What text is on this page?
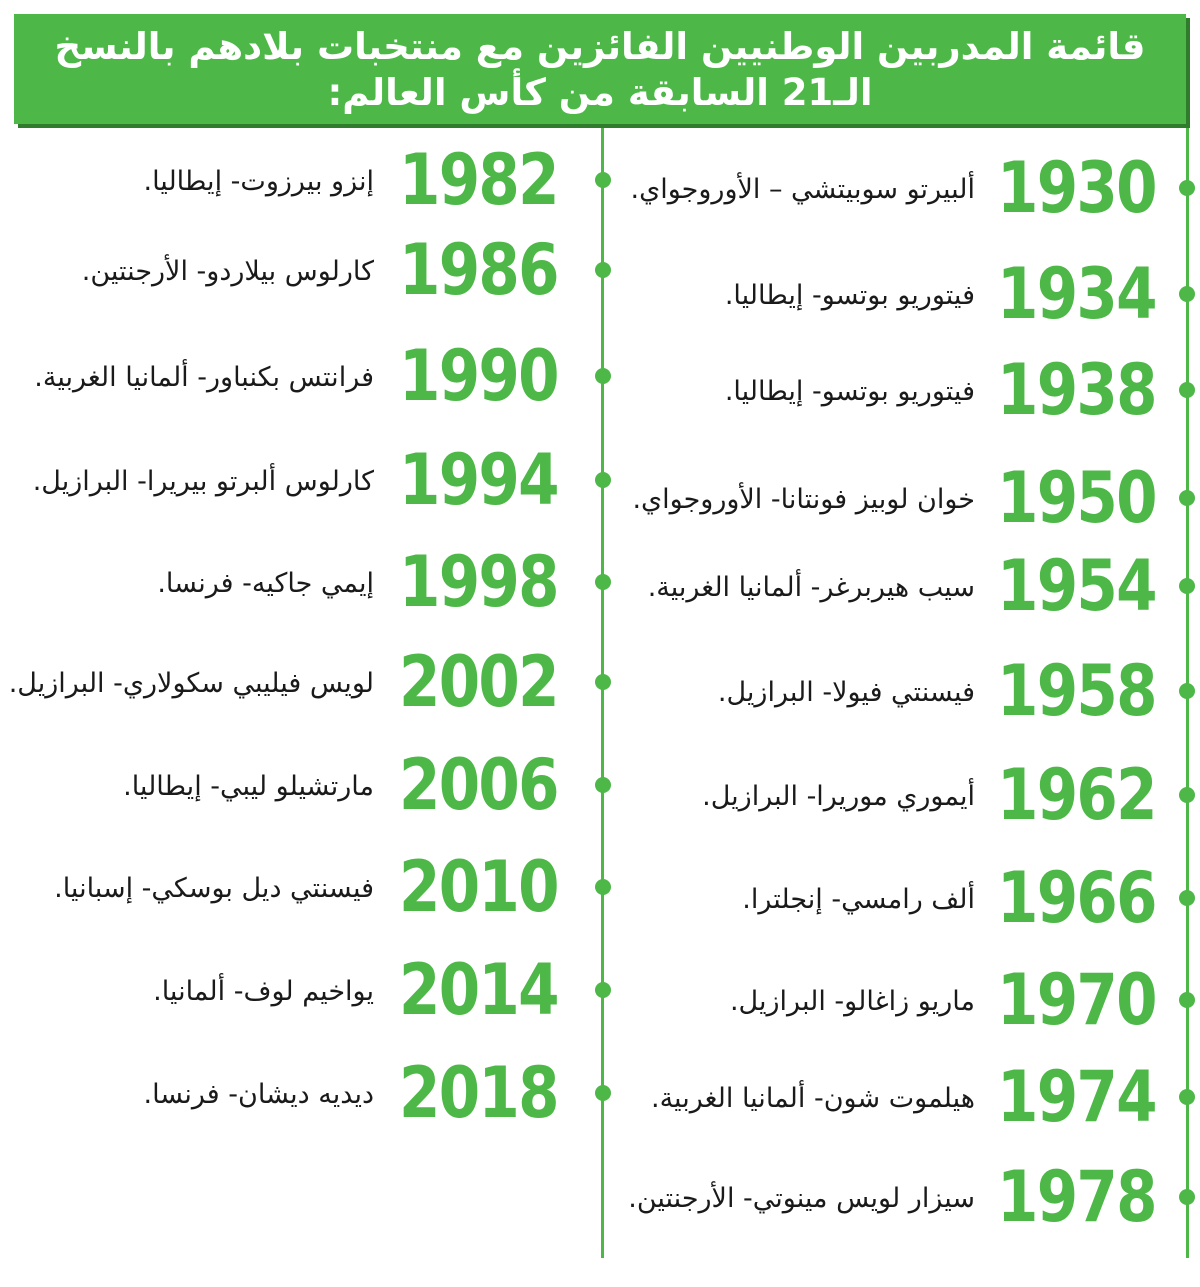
قائمة المدربين الوطنيين الفائزين مع منتخبات بلادهم بالنسخ الـ21 السابقة من كأس العالم:
1930
ألبيرتو سوبيتشي – الأوروجواي.
1934
فيتوريو بوتسو- إيطاليا.
1938
فيتوريو بوتسو- إيطاليا.
1950
خوان لوبيز فونتانا- الأوروجواي.
1954
سيب هيربرغر- ألمانيا الغربية.
1958
فيسنتي فيولا- البرازيل.
1962
أيموري موريرا- البرازيل.
1966
ألف رامسي- إنجلترا.
1970
ماريو زاغالو- البرازيل.
1974
هيلموت شون- ألمانيا الغربية.
1978
سيزار لويس مينوتي- الأرجنتين.
1982
إنزو بيرزوت- إيطاليا.
1986
كارلوس بيلاردو- الأرجنتين.
1990
فرانتس بكنباور- ألمانيا الغربية.
1994
كارلوس ألبرتو بيريرا- البرازيل.
1998
إيمي جاكيه- فرنسا.
2002
لويس فيليبي سكولاري- البرازيل.
2006
مارتشيلو ليبي- إيطاليا.
2010
فيسنتي ديل بوسكي- إسبانيا.
2014
يواخيم لوف- ألمانيا.
2018
ديديه ديشان- فرنسا.
